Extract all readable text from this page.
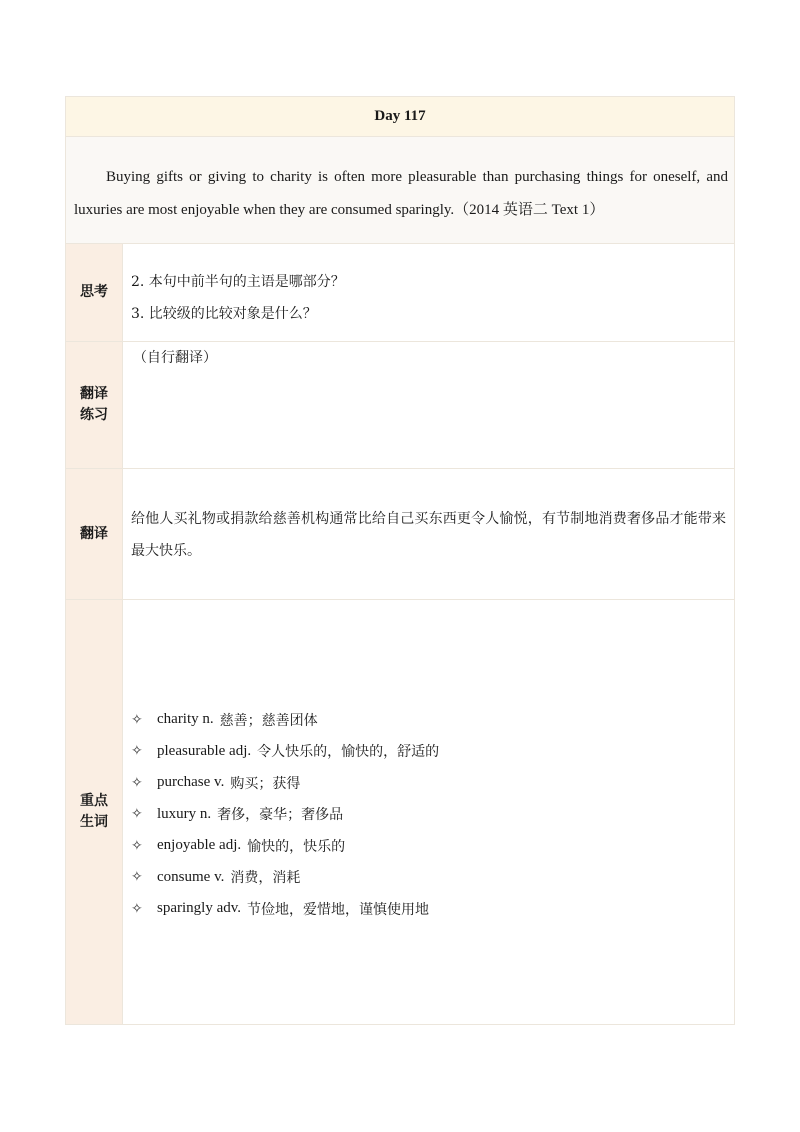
Day 117
Buying gifts or giving to charity is often more pleasurable than purchasing things for oneself, and luxuries are most enjoyable when they are consumed sparingly.（2014 英语二 Text 1）
思考
2. 本句中前半句的主语是哪部分？
3. 比较级的比较对象是什么？
翻译练习
（自行翻译）
翻译
给他人买礼物或捐款给慈善机构通常比给自己买东西更令人愉悦，有节制地消费奢侈品才能带来最大快乐。
重点生词
✧ charity n. 慈善；慈善团体
✧ pleasurable adj. 令人快乐的，愉快的，舒适的
✧ purchase v. 购买；获得
✧ luxury n. 奢侈，豪华；奢侈品
✧ enjoyable adj. 愉快的，快乐的
✧ consume v. 消费，消耗
✧ sparingly adv. 节俭地，爱惜地，谨慎使用地
